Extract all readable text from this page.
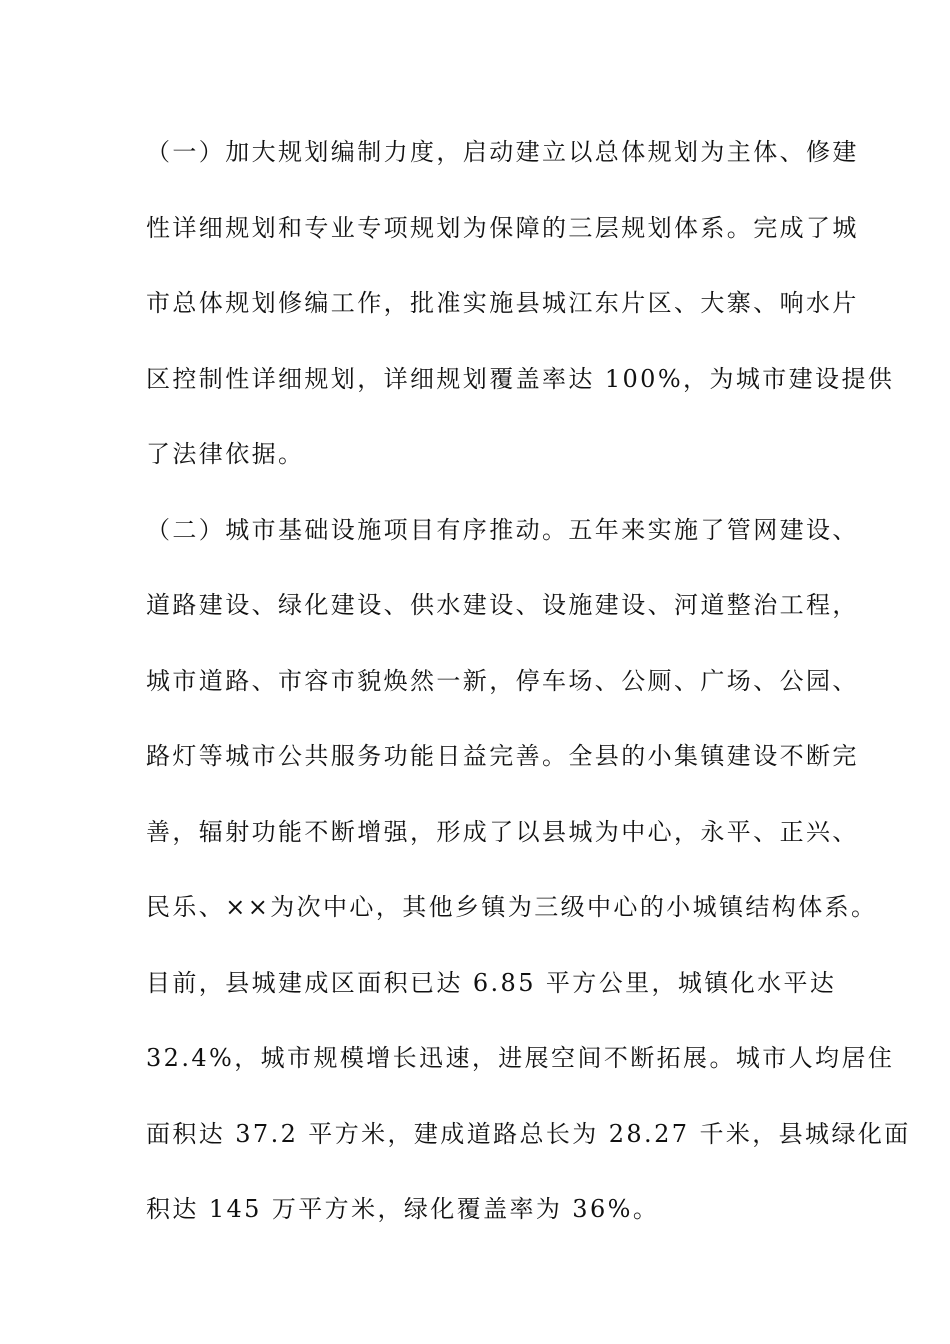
（一）加大规划编制力度，启动建立以总体规划为主体、修建
性详细规划和专业专项规划为保障的三层规划体系。完成了城
市总体规划修编工作，批准实施县城江东片区、大寨、响水片
区控制性详细规划，详细规划覆盖率达 100%，为城市建设提供
了法律依据。
（二）城市基础设施项目有序推动。五年来实施了管网建设、
道路建设、绿化建设、供水建设、设施建设、河道整治工程，
城市道路、市容市貌焕然一新，停车场、公厕、广场、公园、
路灯等城市公共服务功能日益完善。全县的小集镇建设不断完
善，辐射功能不断增强，形成了以县城为中心，永平、正兴、
民乐、××为次中心，其他乡镇为三级中心的小城镇结构体系。
目前，县城建成区面积已达 6.85 平方公里，城镇化水平达
32.4%，城市规模增长迅速，进展空间不断拓展。城市人均居住
面积达 37.2 平方米，建成道路总长为 28.27 千米，县城绿化面
积达 145 万平方米，绿化覆盖率为 36%。
